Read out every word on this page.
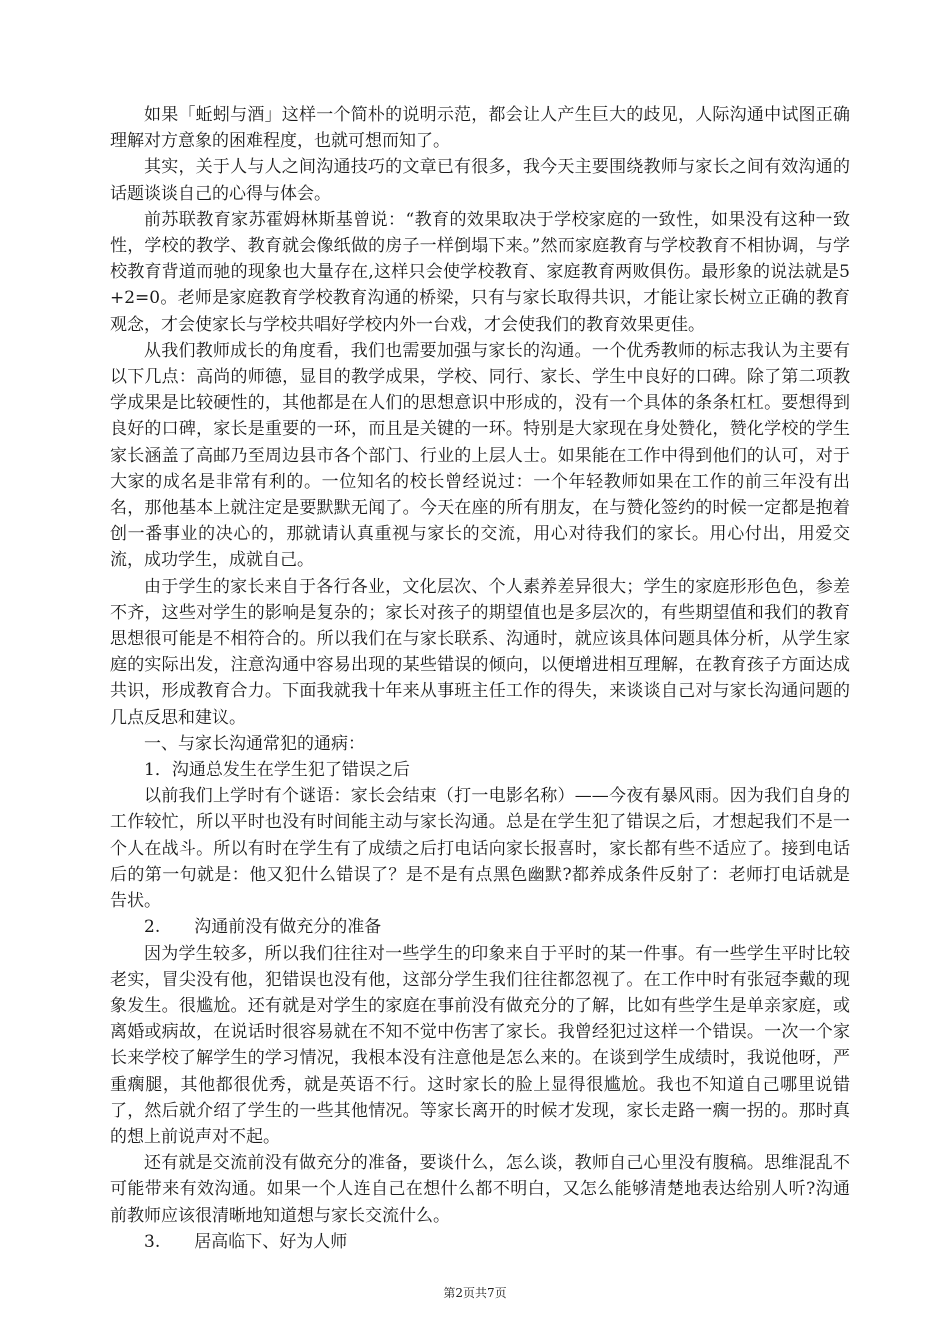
如果「蚯蚓与酒」这样一个简朴的说明示范，都会让人产生巨大的歧见，人际沟通中试图正确理解对方意象的困难程度，也就可想而知了。

其实，关于人与人之间沟通技巧的文章已有很多，我今天主要围绕教师与家长之间有效沟通的话题谈谈自己的心得与体会。

前苏联教育家苏霍姆林斯基曾说：“教育的效果取决于学校家庭的一致性，如果没有这种一致性，学校的教学、教育就会像纸做的房子一样倒塌下来。”然而家庭教育与学校教育不相协调，与学校教育背道而驰的现象也大量存在,这样只会使学校教育、家庭教育两败俱伤。最形象的说法就是5+2=0。老师是家庭教育学校教育沟通的桥梁，只有与家长取得共识，才能让家长树立正确的教育观念，才会使家长与学校共唱好学校内外一台戏，才会使我们的教育效果更佳。

从我们教师成长的角度看，我们也需要加强与家长的沟通。一个优秀教师的标志我认为主要有以下几点：高尚的师德，显目的教学成果，学校、同行、家长、学生中良好的口碑。除了第二项教学成果是比较硬性的，其他都是在人们的思想意识中形成的，没有一个具体的条条杠杠。要想得到良好的口碑，家长是重要的一环，而且是关键的一环。特别是大家现在身处赞化，赞化学校的学生家长涵盖了高邮乃至周边县市各个部门、行业的上层人士。如果能在工作中得到他们的认可，对于大家的成名是非常有利的。一位知名的校长曾经说过：一个年轻教师如果在工作的前三年没有出名，那他基本上就注定是要默默无闻了。今天在座的所有朋友，在与赞化签约的时候一定都是抱着创一番事业的决心的，那就请认真重视与家长的交流，用心对待我们的家长。用心付出，用爱交流，成功学生，成就自己。

由于学生的家长来自于各行各业，文化层次、个人素养差异很大；学生的家庭形形色色，参差不齐，这些对学生的影响是复杂的；家长对孩子的期望值也是多层次的，有些期望值和我们的教育思想很可能是不相符合的。所以我们在与家长联系、沟通时，就应该具体问题具体分析，从学生家庭的实际出发，注意沟通中容易出现的某些错误的倾向，以便增进相互理解，在教育孩子方面达成共识，形成教育合力。下面我就我十年来从事班主任工作的得失，来谈谈自己对与家长沟通问题的几点反思和建议。

一、与家长沟通常犯的通病：

1．沟通总发生在学生犯了错误之后

以前我们上学时有个谜语：家长会结束（打一电影名称）——今夜有暴风雨。因为我们自身的工作较忙，所以平时也没有时间能主动与家长沟通。总是在学生犯了错误之后，才想起我们不是一个人在战斗。所以有时在学生有了成绩之后打电话向家长报喜时，家长都有些不适应了。接到电话后的第一句就是：他又犯什么错误了？是不是有点黑色幽默?都养成条件反射了：老师打电话就是告状。

2.　　沟通前没有做充分的准备

因为学生较多，所以我们往往对一些学生的印象来自于平时的某一件事。有一些学生平时比较老实，冒尖没有他，犯错误也没有他，这部分学生我们往往都忽视了。在工作中时有张冠李戴的现象发生。很尴尬。还有就是对学生的家庭在事前没有做充分的了解，比如有些学生是单亲家庭，或离婚或病故，在说话时很容易就在不知不觉中伤害了家长。我曾经犯过这样一个错误。一次一个家长来学校了解学生的学习情况，我根本没有注意他是怎么来的。在谈到学生成绩时，我说他呀，严重瘸腿，其他都很优秀，就是英语不行。这时家长的脸上显得很尴尬。我也不知道自己哪里说错了，然后就介绍了学生的一些其他情况。等家长离开的时候才发现，家长走路一瘸一拐的。那时真的想上前说声对不起。

还有就是交流前没有做充分的准备，要谈什么，怎么谈，教师自己心里没有腹稿。思维混乱不可能带来有效沟通。如果一个人连自己在想什么都不明白，又怎么能够清楚地表达给别人听?沟通前教师应该很清晰地知道想与家长交流什么。

3.　　居高临下、好为人师

第2页共7页
